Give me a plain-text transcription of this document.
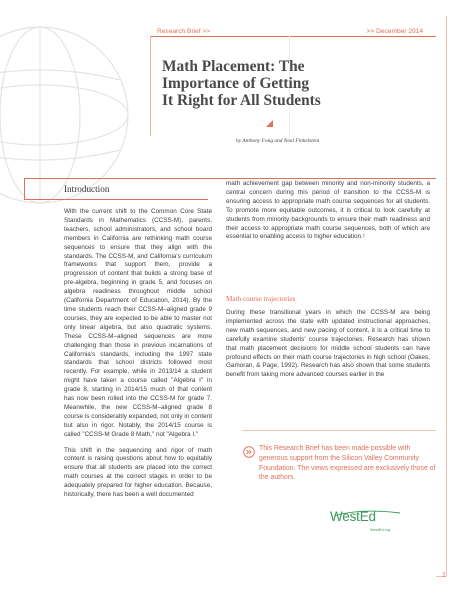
Research Brief >>	>> December 2014
Math Placement: The Importance of Getting It Right for All Students
by Anthony Fong and Neal Finkelstein
Introduction

With the current shift to the Common Core State Standards in Mathematics (CCSS-M), parents, teachers, school administrators, and school board members in California are rethinking math course sequences to ensure that they align with the standards. The CCSS-M, and California's curriculum frameworks that support them, provide a progression of content that builds a strong base of pre-algebra, beginning in grade 5, and focuses on algebra readiness throughout middle school (California Department of Education, 2014). By the time students reach their CCSS-M–aligned grade 9 courses, they are expected to be able to master not only linear algebra, but also quadratic systems. These CCSS-M–aligned sequences are more challenging than those in previous incarnations of California's standards, including the 1997 state standards that school districts followed most recently. For example, while in 2013/14 a student might have taken a course called "Algebra I" in grade 8, starting in 2014/15 much of that content has now been rolled into the CCSS-M for grade 7. Meanwhile, the new CCSS-M–aligned grade 8 course is considerably expanded, not only in content but also in rigor. Notably, the 2014/15 course is called "CCSS-M Grade 8 Math," not "Algebra I."

This shift in the sequencing and rigor of math content is raising questions about how to equitably ensure that all students are placed into the correct math courses at the correct stages in order to be adequately prepared for higher education. Because, historically, there has been a well documented

math achievement gap between minority and non-minority students, a central concern during this period of transition to the CCSS-M is ensuring access to appropriate math course sequences for all students. To promote more equitable outcomes, it is critical to look carefully at students from minority backgrounds to ensure their math readiness and their access to appropriate math course sequences, both of which are essential to enabling access to higher education.¹

Math course trajectories

During these transitional years in which the CCSS-M are being implemented across the state with updated instructional approaches, new math sequences, and new pacing of content, it is a critical time to carefully examine students' course trajectories. Research has shown that math placement decisions for middle school students can have profound effects on their math course trajectories in high school (Oakes, Gamoran, & Page, 1992). Research has also shown that some students benefit from taking more advanced courses earlier in the

This Research Brief has been made possible with generous support from the Silicon Valley Community Foundation. The views expressed are exclusively those of the authors.
WestEd
WestEd.org
1
